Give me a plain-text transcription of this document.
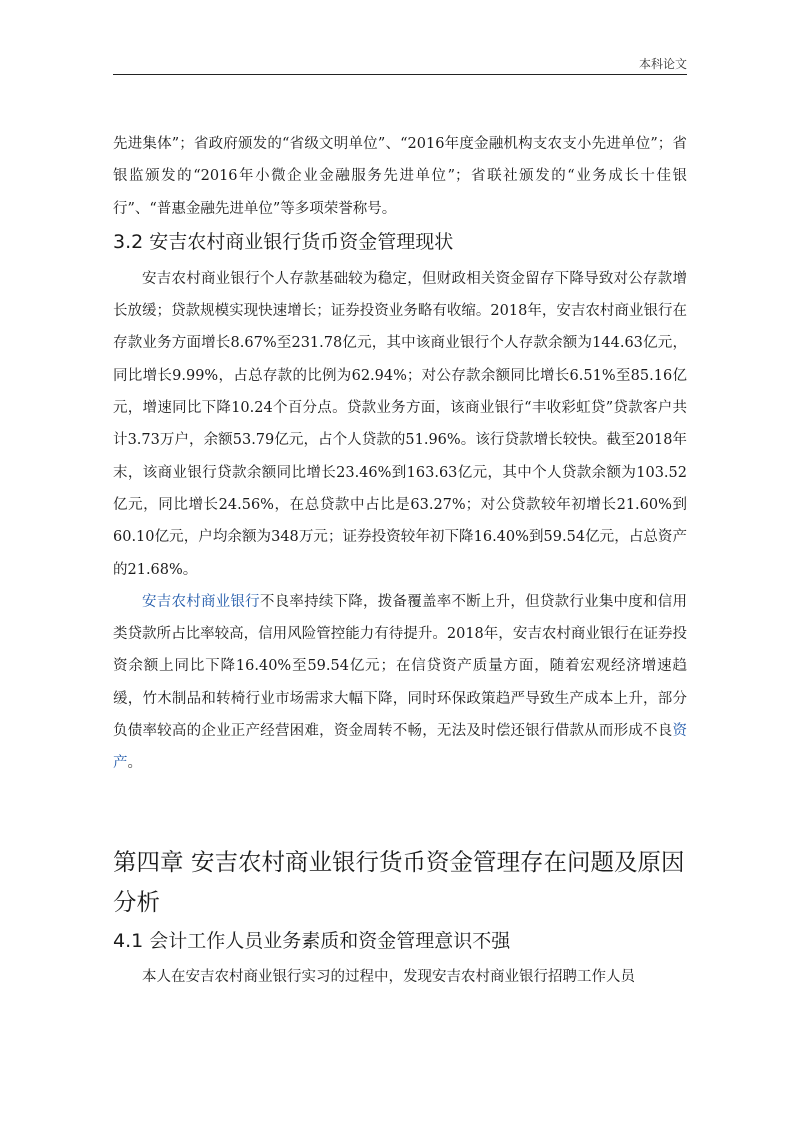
本科论文

先进集体”；省政府颁发的“省级文明单位”、“2016年度金融机构支农支小先进单位”；省银监颁发的“2016年小微企业金融服务先进单位”；省联社颁发的“业务成长十佳银行”、“普惠金融先进单位”等多项荣誉称号。

3.2 安吉农村商业银行货币资金管理现状

安吉农村商业银行个人存款基础较为稳定，但财政相关资金留存下降导致对公存款增长放缓；贷款规模实现快速增长；证券投资业务略有收缩。2018年，安吉农村商业银行在存款业务方面增长8.67%至231.78亿元，其中该商业银行个人存款余额为144.63亿元，同比增长9.99%，占总存款的比例为62.94%；对公存款余额同比增长6.51%至85.16亿元，增速同比下降10.24个百分点。贷款业务方面，该商业银行“丰收彩虹贷”贷款客户共计3.73万户，余额53.79亿元，占个人贷款的51.96%。该行贷款增长较快。截至2018年末，该商业银行贷款余额同比增长23.46%到163.63亿元，其中个人贷款余额为103.52亿元，同比增长24.56%，在总贷款中占比是63.27%；对公贷款较年初增长21.60%到60.10亿元，户均余额为348万元；证券投资较年初下降16.40%到59.54亿元，占总资产的21.68%。

安吉农村商业银行不良率持续下降，拨备覆盖率不断上升，但贷款行业集中度和信用类贷款所占比率较高，信用风险管控能力有待提升。2018年，安吉农村商业银行在证券投资余额上同比下降16.40%至59.54亿元；在信贷资产质量方面，随着宏观经济增速趋缓，竹木制品和转椅行业市场需求大幅下降，同时环保政策趋严导致生产成本上升，部分负债率较高的企业正产经营困难，资金周转不畅，无法及时偿还银行借款从而形成不良资产。

第四章 安吉农村商业银行货币资金管理存在问题及原因分析
4.1 会计工作人员业务素质和资金管理意识不强

本人在安吉农村商业银行实习的过程中，发现安吉农村商业银行招聘工作人员
